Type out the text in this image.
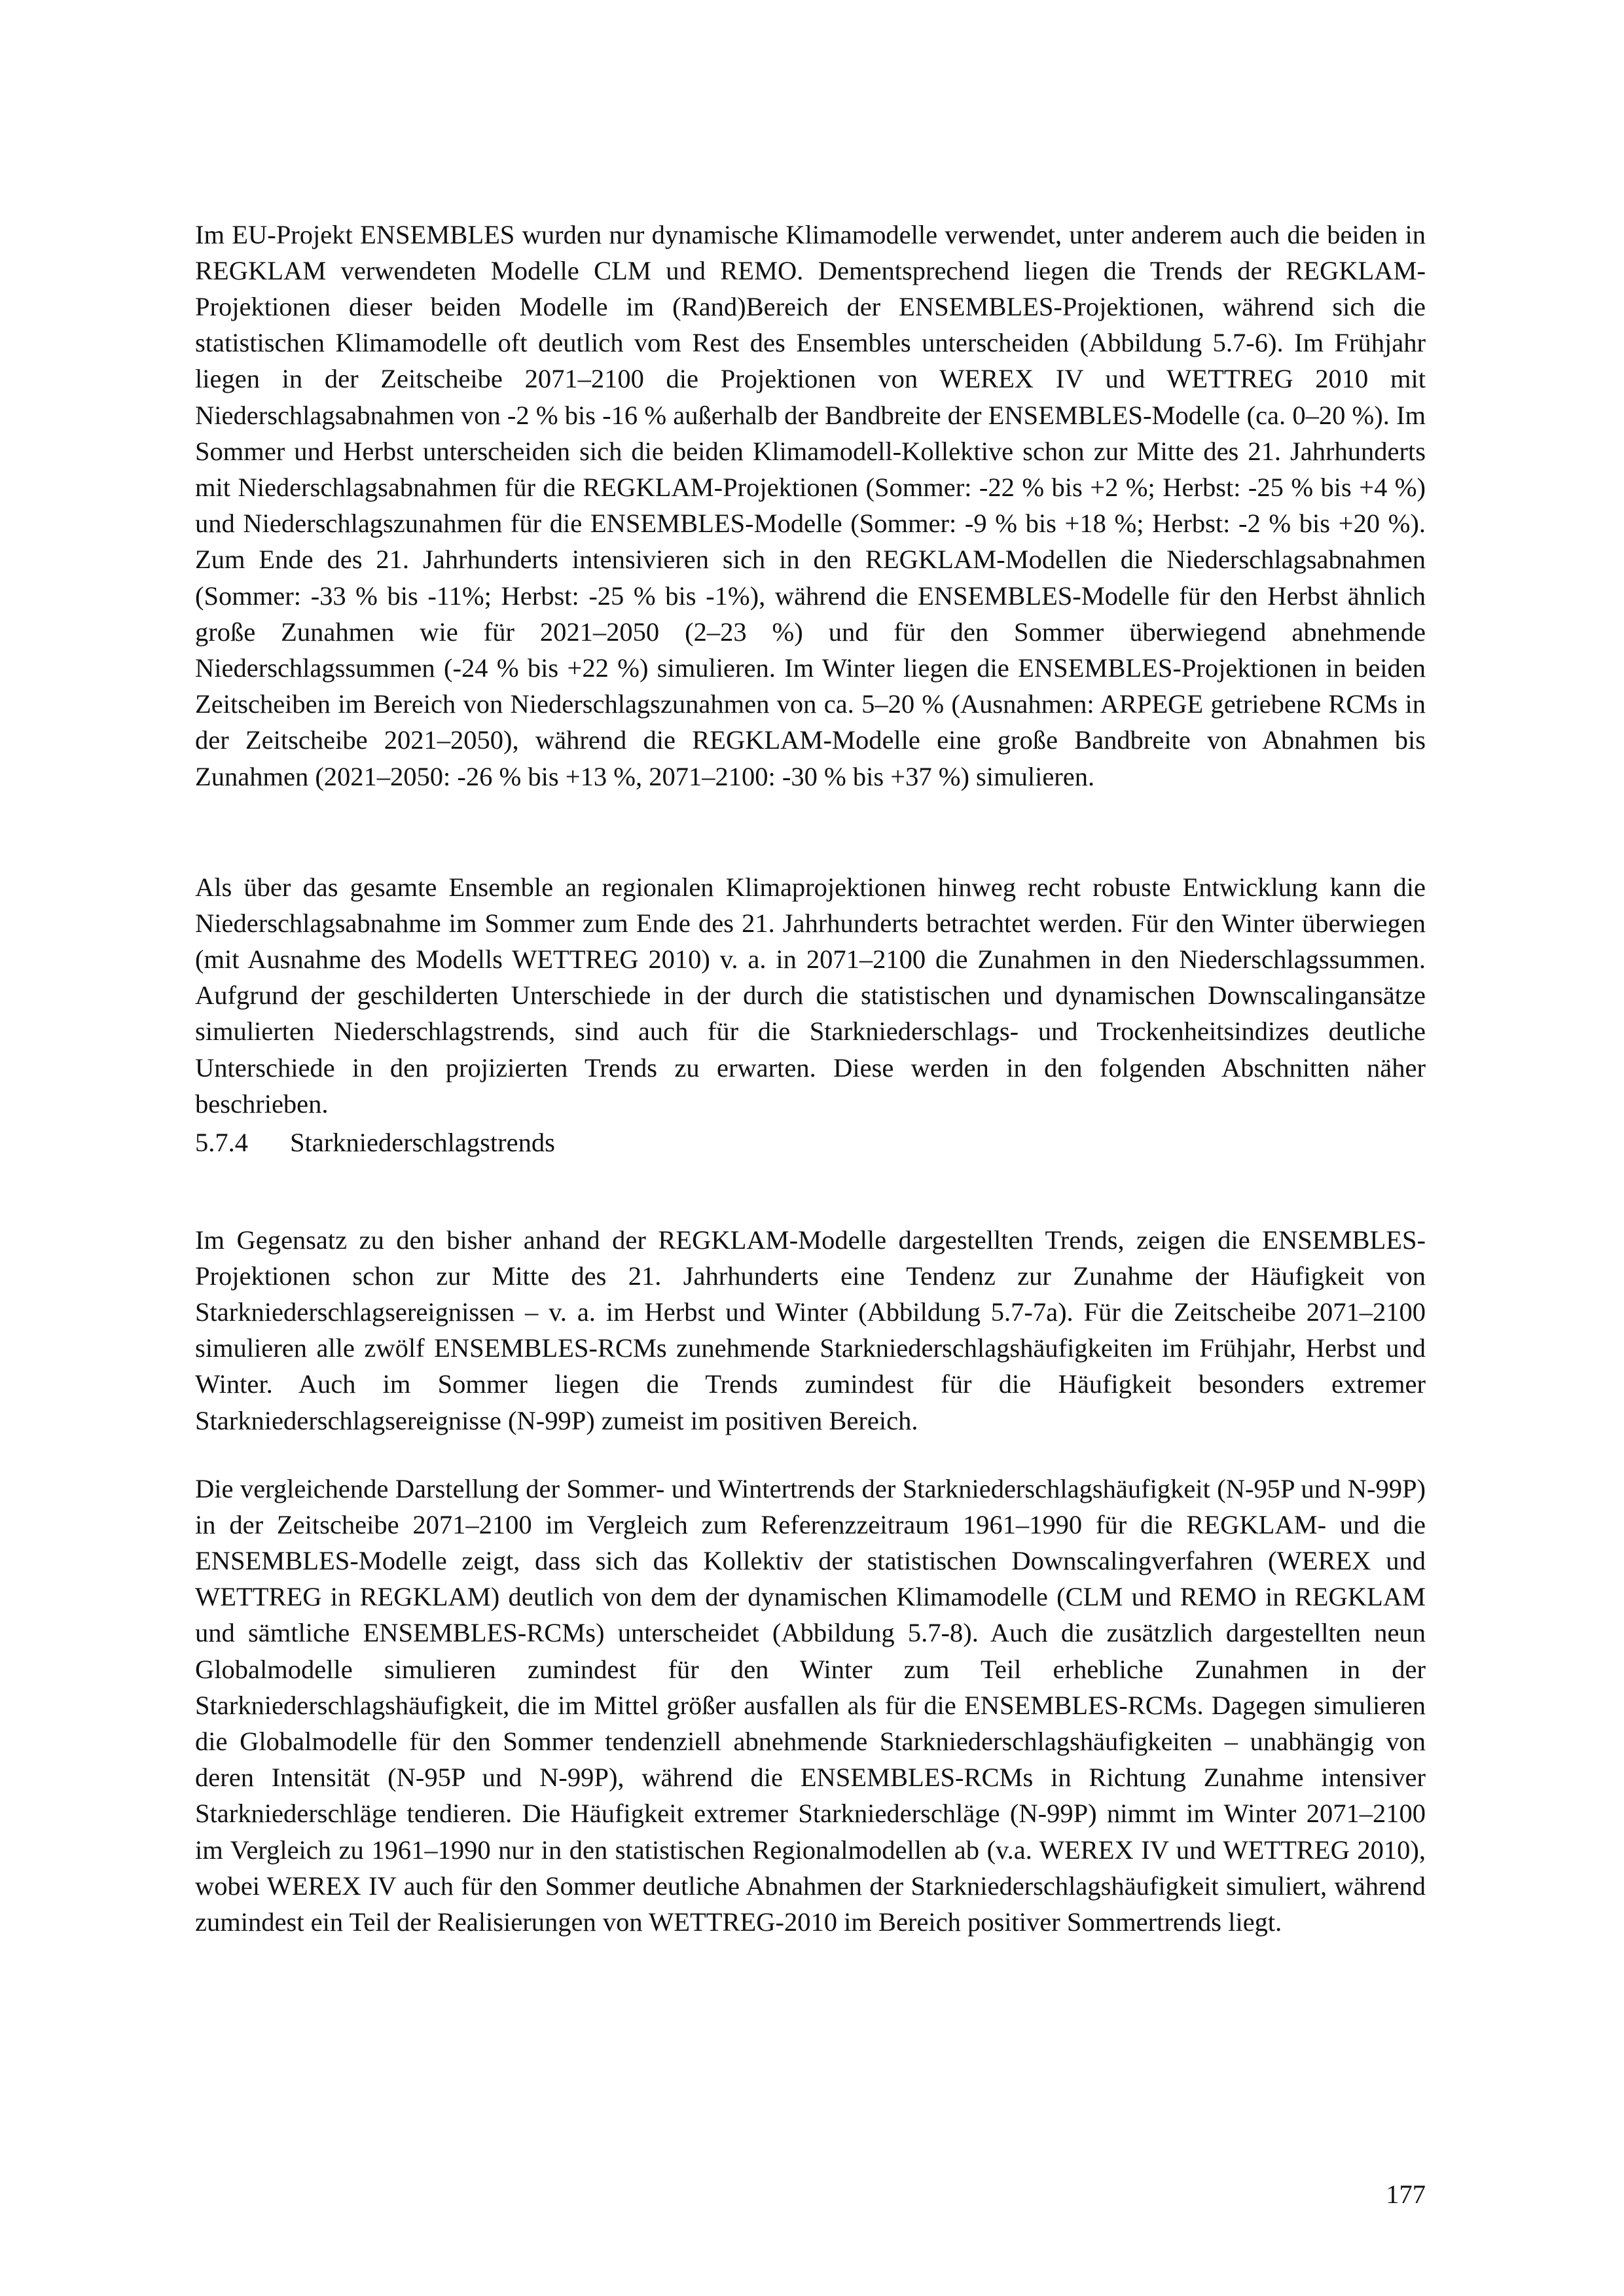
Im EU-Projekt ENSEMBLES wurden nur dynamische Klimamodelle verwendet, unter anderem auch die beiden in REGKLAM verwendeten Modelle CLM und REMO. Dementsprechend liegen die Trends der REGKLAM-Projektionen dieser beiden Modelle im (Rand)Bereich der ENSEMBLES-Projektionen, während sich die statistischen Klimamodelle oft deutlich vom Rest des Ensembles unterscheiden (Abbildung 5.7-6). Im Frühjahr liegen in der Zeitscheibe 2071–2100 die Projektionen von WEREX IV und WETTREG 2010 mit Niederschlagsabnahmen von -2 % bis -16 % außerhalb der Bandbreite der ENSEMBLES-Modelle (ca. 0–20 %). Im Sommer und Herbst unterscheiden sich die beiden Klimamodell-Kollektive schon zur Mitte des 21. Jahrhunderts mit Niederschlagsabnahmen für die REGKLAM-Projektionen (Sommer: -22 % bis +2 %; Herbst: -25 % bis +4 %) und Niederschlagszunahmen für die ENSEMBLES-Modelle (Sommer: -9 % bis +18 %; Herbst: -2 % bis +20 %). Zum Ende des 21. Jahrhunderts intensivieren sich in den REGKLAM-Modellen die Niederschlagsabnahmen (Sommer: -33 % bis -11%; Herbst: -25 % bis -1%), während die ENSEMBLES-Modelle für den Herbst ähnlich große Zunahmen wie für 2021–2050 (2–23 %) und für den Sommer überwiegend abnehmende Niederschlagssummen (-24 % bis +22 %) simulieren. Im Winter liegen die ENSEMBLES-Projektionen in beiden Zeitscheiben im Bereich von Niederschlagszunahmen von ca. 5–20 % (Ausnahmen: ARPEGE getriebene RCMs in der Zeitscheibe 2021–2050), während die REGKLAM-Modelle eine große Bandbreite von Abnahmen bis Zunahmen (2021–2050: -26 % bis +13 %, 2071–2100: -30 % bis +37 %) simulieren.

Als über das gesamte Ensemble an regionalen Klimaprojektionen hinweg recht robuste Entwicklung kann die Niederschlagsabnahme im Sommer zum Ende des 21. Jahrhunderts betrachtet werden. Für den Winter überwiegen (mit Ausnahme des Modells WETTREG 2010) v. a. in 2071–2100 die Zunahmen in den Niederschlagssummen. Aufgrund der geschilderten Unterschiede in der durch die statistischen und dynamischen Downscalingansätze simulierten Niederschlagstrends, sind auch für die Starkniederschlags- und Trockenheitsindizes deutliche Unterschiede in den projizierten Trends zu erwarten. Diese werden in den folgenden Abschnitten näher beschrieben.

5.7.4 Starkniederschlagstrends

Im Gegensatz zu den bisher anhand der REGKLAM-Modelle dargestellten Trends, zeigen die ENSEMBLES-Projektionen schon zur Mitte des 21. Jahrhunderts eine Tendenz zur Zunahme der Häufigkeit von Starkniederschlagsereignissen – v. a. im Herbst und Winter (Abbildung 5.7-7a). Für die Zeitscheibe 2071–2100 simulieren alle zwölf ENSEMBLES-RCMs zunehmende Starkniederschlagshäufigkeiten im Frühjahr, Herbst und Winter. Auch im Sommer liegen die Trends zumindest für die Häufigkeit besonders extremer Starkniederschlagsereignisse (N-99P) zumeist im positiven Bereich.

Die vergleichende Darstellung der Sommer- und Wintertrends der Starkniederschlagshäufigkeit (N-95P und N-99P) in der Zeitscheibe 2071–2100 im Vergleich zum Referenzzeitraum 1961–1990 für die REGKLAM- und die ENSEMBLES-Modelle zeigt, dass sich das Kollektiv der statistischen Downscalingverfahren (WEREX und WETTREG in REGKLAM) deutlich von dem der dynamischen Klimamodelle (CLM und REMO in REGKLAM und sämtliche ENSEMBLES-RCMs) unterscheidet (Abbildung 5.7-8). Auch die zusätzlich dargestellten neun Globalmodelle simulieren zumindest für den Winter zum Teil erhebliche Zunahmen in der Starkniederschlagshäufigkeit, die im Mittel größer ausfallen als für die ENSEMBLES-RCMs. Dagegen simulieren die Globalmodelle für den Sommer tendenziell abnehmende Starkniederschlagshäufigkeiten – unabhängig von deren Intensität (N-95P und N-99P), während die ENSEMBLES-RCMs in Richtung Zunahme intensiver Starkniederschläge tendieren. Die Häufigkeit extremer Starkniederschläge (N-99P) nimmt im Winter 2071–2100 im Vergleich zu 1961–1990 nur in den statistischen Regionalmodellen ab (v.a. WEREX IV und WETTREG 2010), wobei WEREX IV auch für den Sommer deutliche Abnahmen der Starkniederschlagshäufigkeit simuliert, während zumindest ein Teil der Realisierungen von WETTREG-2010 im Bereich positiver Sommertrends liegt.

177
